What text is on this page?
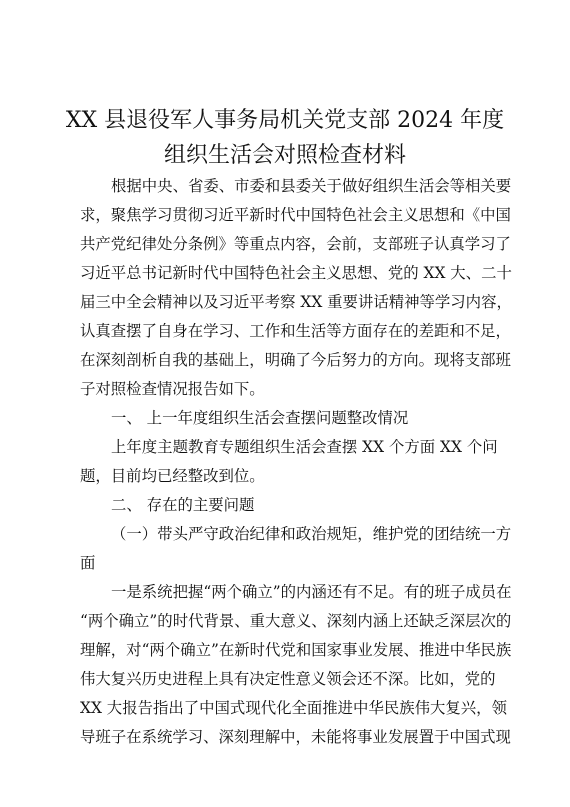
XX 县退役军人事务局机关党支部 2024 年度
组织生活会对照检查材料
根据中央、省委、市委和县委关于做好组织生活会等相关要
求，聚焦学习贯彻习近平新时代中国特色社会主义思想和《中国
共产党纪律处分条例》等重点内容，会前，支部班子认真学习了
习近平总书记新时代中国特色社会主义思想、党的 XX 大、二十
届三中全会精神以及习近平考察 XX 重要讲话精神等学习内容，
认真查摆了自身在学习、工作和生活等方面存在的差距和不足，
在深刻剖析自我的基础上，明确了今后努力的方向。现将支部班
子对照检查情况报告如下。
一、 上一年度组织生活会查摆问题整改情况
上年度主题教育专题组织生活会查摆 XX 个方面 XX 个问
题，目前均已经整改到位。
二、 存在的主要问题
（一）带头严守政治纪律和政治规矩，维护党的团结统一方
面
一是系统把握“两个确立”的内涵还有不足。有的班子成员在
“两个确立”的时代背景、重大意义、深刻内涵上还缺乏深层次的
理解，对“两个确立”在新时代党和国家事业发展、推进中华民族
伟大复兴历史进程上具有决定性意义领会还不深。比如，党的
XX 大报告指出了中国式现代化全面推进中华民族伟大复兴，领
导班子在系统学习、深刻理解中，未能将事业发展置于中国式现
